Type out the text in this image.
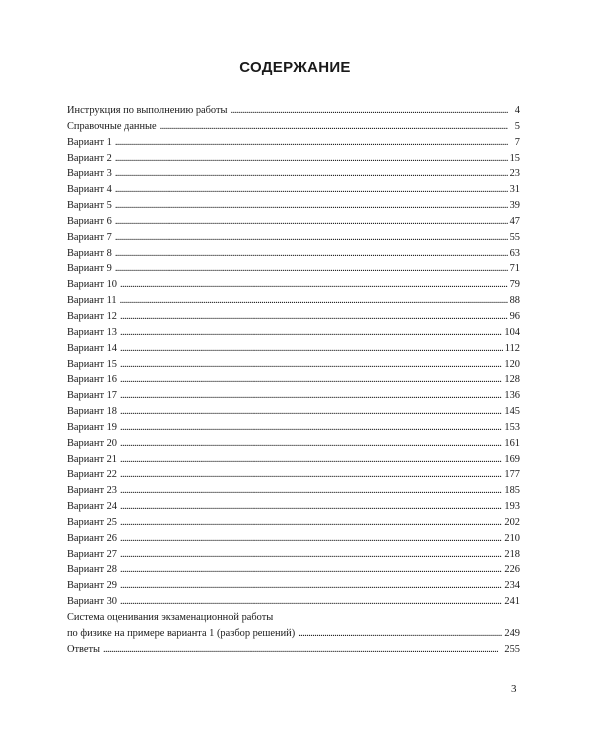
СОДЕРЖАНИЕ
Инструкция по выполнению работы . . .	4
Справочные данные . . .	5
Вариант 1 . . .	7
Вариант 2 . . .	15
Вариант 3 . . .	23
Вариант 4 . . .	31
Вариант 5 . . .	39
Вариант 6 . . .	47
Вариант 7 . . .	55
Вариант 8 . . .	63
Вариант 9 . . .	71
Вариант 10 . . .	79
Вариант 11 . . .	88
Вариант 12 . . .	96
Вариант 13 . . .	104
Вариант 14 . . .	112
Вариант 15 . . .	120
Вариант 16 . . .	128
Вариант 17 . . .	136
Вариант 18 . . .	145
Вариант 19 . . .	153
Вариант 20 . . .	161
Вариант 21 . . .	169
Вариант 22 . . .	177
Вариант 23 . . .	185
Вариант 24 . . .	193
Вариант 25 . . .	202
Вариант 26 . . .	210
Вариант 27 . . .	218
Вариант 28 . . .	226
Вариант 29 . . .	234
Вариант 30 . . .	241
Система оценивания экзаменационной работы
по физике на примере варианта 1 (разбор решений) . . .	249
Ответы . . .	255
3
